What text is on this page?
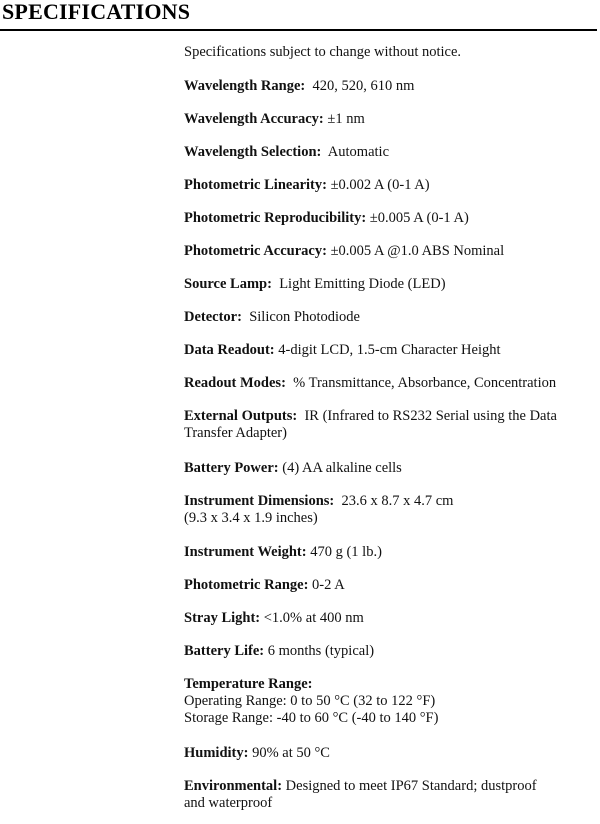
SPECIFICATIONS
Specifications subject to change without notice.
Wavelength Range: 420, 520, 610 nm
Wavelength Accuracy: ±1 nm
Wavelength Selection: Automatic
Photometric Linearity: ±0.002 A (0-1 A)
Photometric Reproducibility: ±0.005 A (0-1 A)
Photometric Accuracy: ±0.005 A @1.0 ABS Nominal
Source Lamp: Light Emitting Diode (LED)
Detector: Silicon Photodiode
Data Readout: 4-digit LCD, 1.5-cm Character Height
Readout Modes: % Transmittance, Absorbance, Concentration
External Outputs: IR (Infrared to RS232 Serial using the Data
Transfer Adapter)
Battery Power: (4) AA alkaline cells
Instrument Dimensions: 23.6 x 8.7 x 4.7 cm
(9.3 x 3.4 x 1.9 inches)
Instrument Weight: 470 g (1 lb.)
Photometric Range: 0-2 A
Stray Light: <1.0% at 400 nm
Battery Life: 6 months (typical)
Temperature Range:
Operating Range: 0 to 50 °C (32 to 122 °F)
Storage Range: -40 to 60 °C (-40 to 140 °F)
Humidity: 90% at 50 °C
Environmental: Designed to meet IP67 Standard; dustproof
and waterproof
